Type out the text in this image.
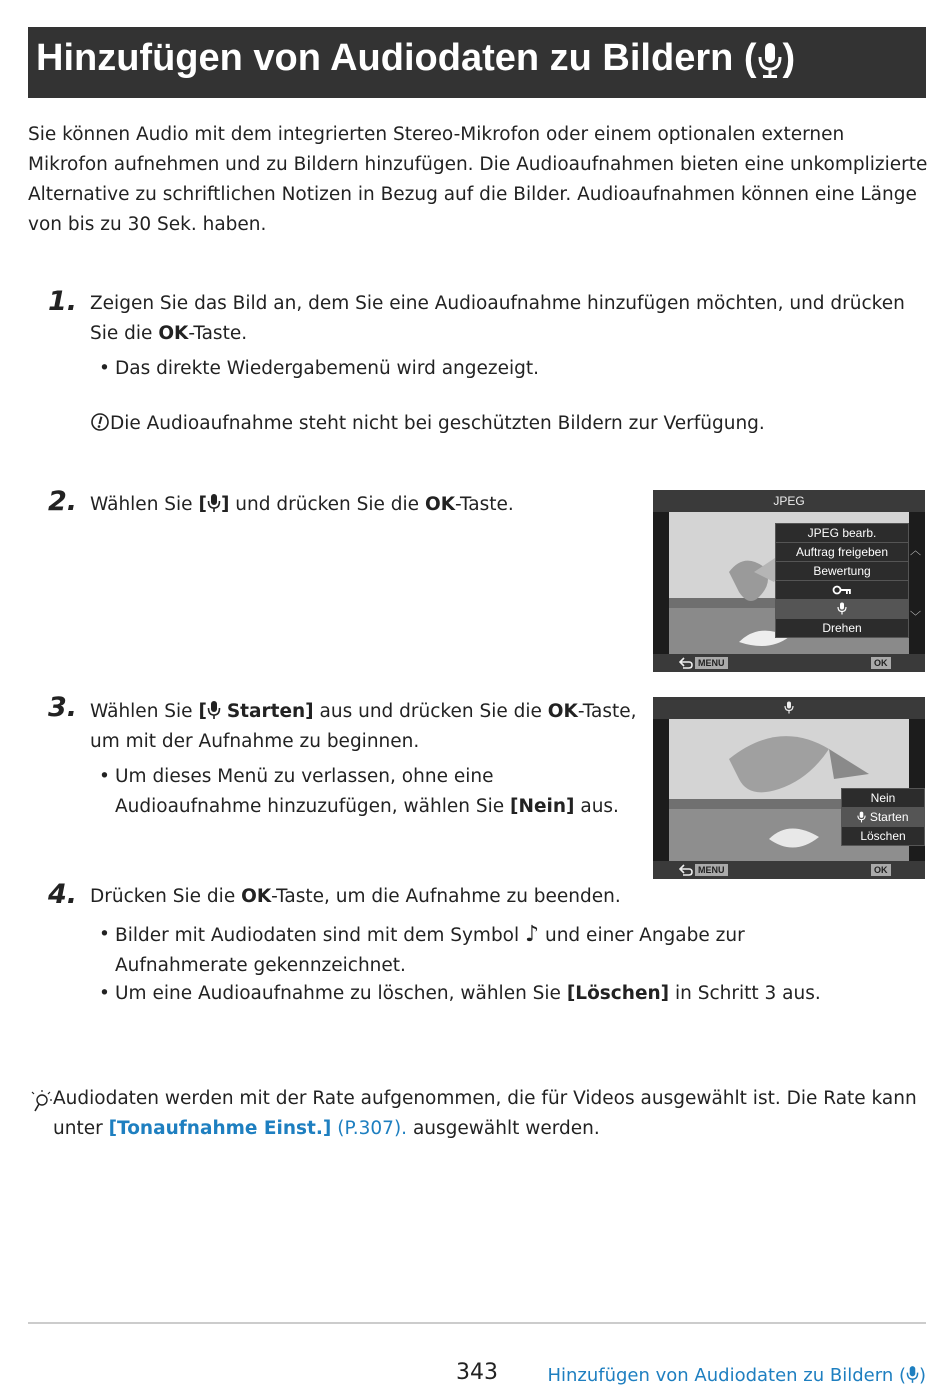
Hinzufügen von Audiodaten zu Bildern ( )
Sie können Audio mit dem integrierten Stereo-Mikrofon oder einem optionalen externen Mikrofon aufnehmen und zu Bildern hinzufügen. Die Audioaufnahmen bieten eine unkomplizierte Alternative zu schriftlichen Notizen in Bezug auf die Bilder. Audioaufnahmen können eine Länge von bis zu 30 Sek. haben.
1. Zeigen Sie das Bild an, dem Sie eine Audioaufnahme hinzufügen möchten, und drücken Sie die OK-Taste.
• Das direkte Wiedergabemenü wird angezeigt.
Die Audioaufnahme steht nicht bei geschützten Bildern zur Verfügung.
2. Wählen Sie [ ] und drücken Sie die OK-Taste.	JPEG
JPEG bearb.
Auftrag freigeben
Bewertung
Drehen
︿
﹀
MENU	OK
3. Wählen Sie [ Starten] aus und drücken Sie die OK-Taste, um mit der Aufnahme zu beginnen.
• Um dieses Menü zu verlassen, ohne eine Audioaufnahme hinzuzufügen, wählen Sie [Nein] aus.	Nein
Starten
Löschen
MENU	OK
4. Drücken Sie die OK-Taste, um die Aufnahme zu beenden.
• Bilder mit Audiodaten sind mit dem Symbol ♪ und einer Angabe zur Aufnahmerate gekennzeichnet.
• Um eine Audioaufnahme zu löschen, wählen Sie [Löschen] in Schritt 3 aus.
Audiodaten werden mit der Rate aufgenommen, die für Videos ausgewählt ist. Die Rate kann unter [Tonaufnahme Einst.] (P.307). ausgewählt werden.
343	Hinzufügen von Audiodaten zu Bildern ( )
